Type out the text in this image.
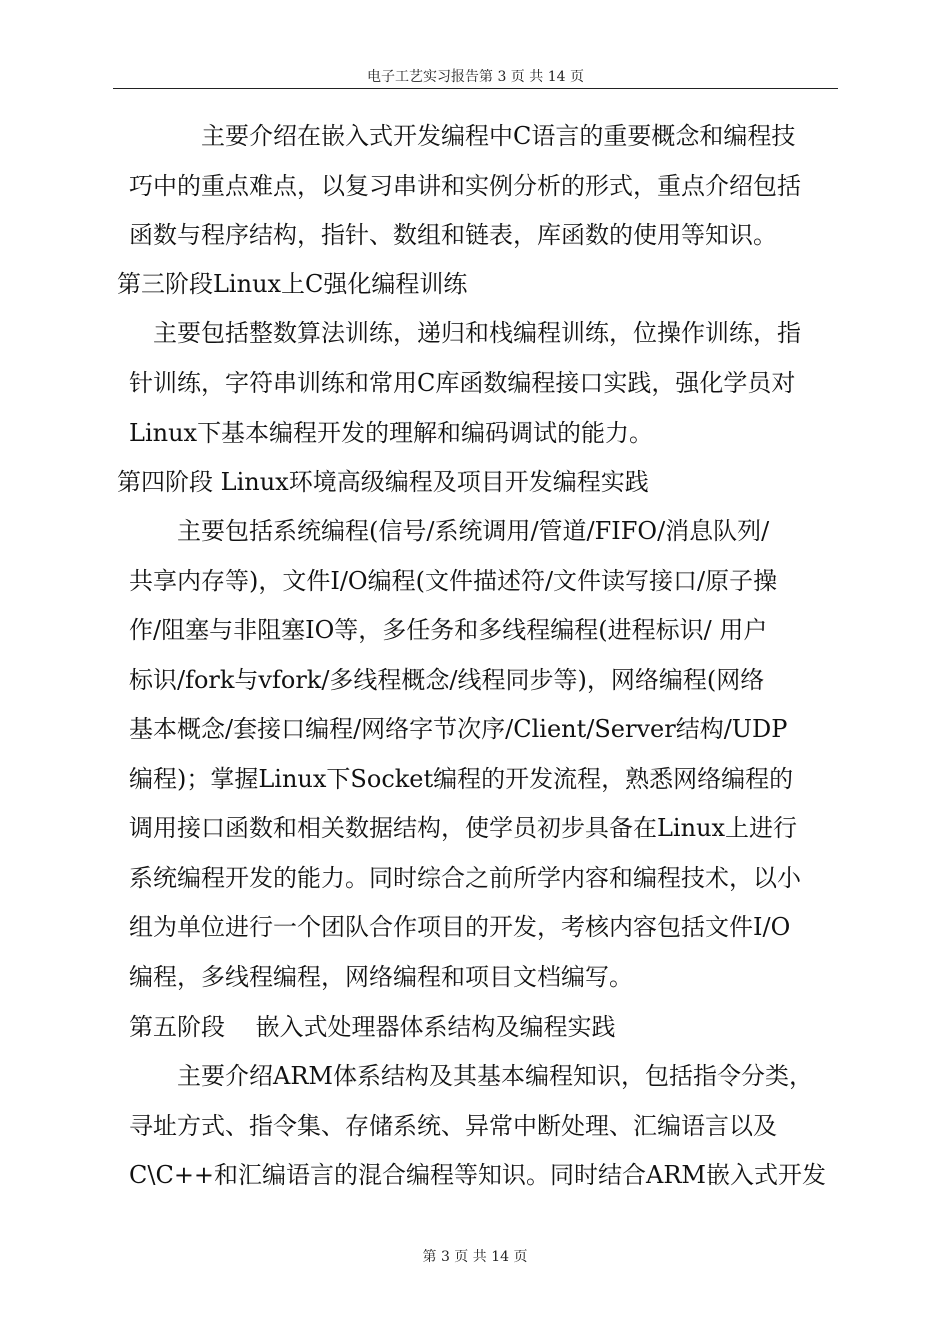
电子工艺实习报告第 3 页 共 14 页
主要介绍在嵌入式开发编程中C语言的重要概念和编程技
巧中的重点难点，以复习串讲和实例分析的形式，重点介绍包括
函数与程序结构，指针、数组和链表，库函数的使用等知识。
第三阶段Linux上C强化编程训练
主要包括整数算法训练，递归和栈编程训练，位操作训练，指
针训练，字符串训练和常用C库函数编程接口实践，强化学员对
Linux下基本编程开发的理解和编码调试的能力。
第四阶段 Linux环境高级编程及项目开发编程实践
主要包括系统编程(信号/系统调用/管道/FIFO/消息队列/
共享内存等)，文件I/O编程(文件描述符/文件读写接口/原子操
作/阻塞与非阻塞IO等，多任务和多线程编程(进程标识/ 用户
标识/fork与vfork/多线程概念/线程同步等)，网络编程(网络
基本概念/套接口编程/网络字节次序/Client/Server结构/UDP
编程)；掌握Linux下Socket编程的开发流程，熟悉网络编程的
调用接口函数和相关数据结构，使学员初步具备在Linux上进行
系统编程开发的能力。同时综合之前所学内容和编程技术，以小
组为单位进行一个团队合作项目的开发，考核内容包括文件I/O
编程，多线程编程，网络编程和项目文档编写。
第五阶段    嵌入式处理器体系结构及编程实践
主要介绍ARM体系结构及其基本编程知识，包括指令分类，
寻址方式、指令集、存储系统、异常中断处理、汇编语言以及
C\C++和汇编语言的混合编程等知识。同时结合ARM嵌入式开发
第 3 页 共 14 页
